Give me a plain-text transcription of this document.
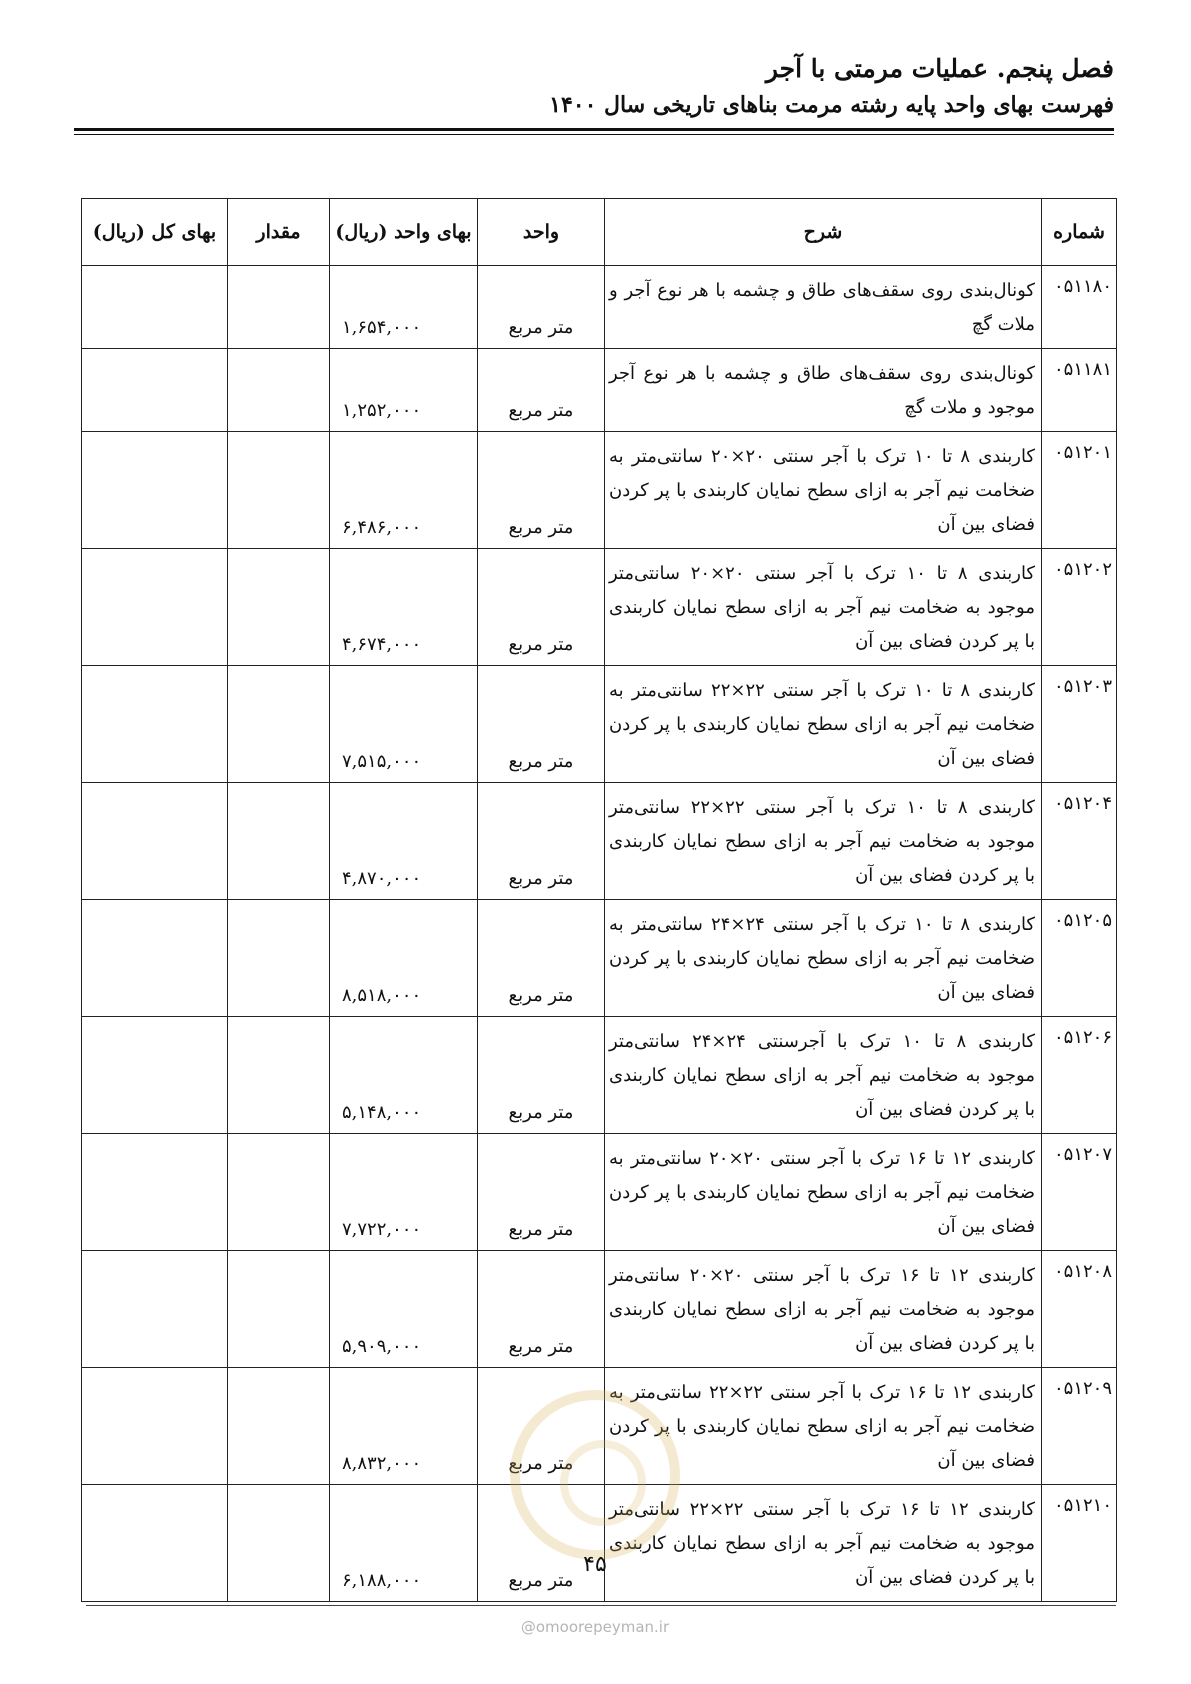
فصل پنجم. عملیات مرمتی با آجر
فهرست بهای واحد پایه رشته مرمت بناهای تاریخی سال ۱۴۰۰
شماره	شرح	واحد	بهای واحد (ریال)	مقدار	بهای کل (ریال)
۰۵۱۱۸۰	کونال‌بندی روی سقف‌های طاق و چشمه با هر نوع آجر و ملات گچ	متر مربع	۱,۶۵۴,۰۰۰		
۰۵۱۱۸۱	کونال‌بندی روی سقف‌های طاق و چشمه با هر نوع آجر موجود و ملات گچ	متر مربع	۱,۲۵۲,۰۰۰		
۰۵۱۲۰۱	کاربندی ۸ تا ۱۰ ترک با آجر سنتی ۲۰×۲۰ سانتی‌متر به ضخامت نیم آجر به ازای سطح نمایان کاربندی با پر کردن فضای بین آن	متر مربع	۶,۴۸۶,۰۰۰		
۰۵۱۲۰۲	کاربندی ۸ تا ۱۰ ترک با آجر سنتی ۲۰×۲۰ سانتی‌متر موجود به ضخامت نیم آجر به ازای سطح نمایان کاربندی با پر کردن فضای بین آن	متر مربع	۴,۶۷۴,۰۰۰		
۰۵۱۲۰۳	کاربندی ۸ تا ۱۰ ترک با آجر سنتی ۲۲×۲۲ سانتی‌متر به ضخامت نیم آجر به ازای سطح نمایان کاربندی با پر کردن فضای بین آن	متر مربع	۷,۵۱۵,۰۰۰		
۰۵۱۲۰۴	کاربندی ۸ تا ۱۰ ترک با آجر سنتی ۲۲×۲۲ سانتی‌متر موجود به ضخامت نیم آجر به ازای سطح نمایان کاربندی با پر کردن فضای بین آن	متر مربع	۴,۸۷۰,۰۰۰		
۰۵۱۲۰۵	کاربندی ۸ تا ۱۰ ترک با آجر سنتی ۲۴×۲۴ سانتی‌متر به ضخامت نیم آجر به ازای سطح نمایان کاربندی با پر کردن فضای بین آن	متر مربع	۸,۵۱۸,۰۰۰		
۰۵۱۲۰۶	کاربندی ۸ تا ۱۰ ترک با آجرسنتی ۲۴×۲۴ سانتی‌متر موجود به ضخامت نیم آجر به ازای سطح نمایان کاربندی با پر کردن فضای بین آن	متر مربع	۵,۱۴۸,۰۰۰		
۰۵۱۲۰۷	کاربندی ۱۲ تا ۱۶ ترک با آجر سنتی ۲۰×۲۰ سانتی‌متر به ضخامت نیم آجر به ازای سطح نمایان کاربندی با پر کردن فضای بین آن	متر مربع	۷,۷۲۲,۰۰۰		
۰۵۱۲۰۸	کاربندی ۱۲ تا ۱۶ ترک با آجر سنتی ۲۰×۲۰ سانتی‌متر موجود به ضخامت نیم آجر به ازای سطح نمایان کاربندی با پر کردن فضای بین آن	متر مربع	۵,۹۰۹,۰۰۰		
۰۵۱۲۰۹	کاربندی ۱۲ تا ۱۶ ترک با آجر سنتی ۲۲×۲۲ سانتی‌متر به ضخامت نیم آجر به ازای سطح نمایان کاربندی با پر کردن فضای بین آن	متر مربع	۸,۸۳۲,۰۰۰		
۰۵۱۲۱۰	کاربندی ۱۲ تا ۱۶ ترک با آجر سنتی ۲۲×۲۲ سانتی‌متر موجود به ضخامت نیم آجر به ازای سطح نمایان کاربندی با پر کردن فضای بین آن	متر مربع	۶,۱۸۸,۰۰۰		
۴۵
@omoorepeyman.ir
